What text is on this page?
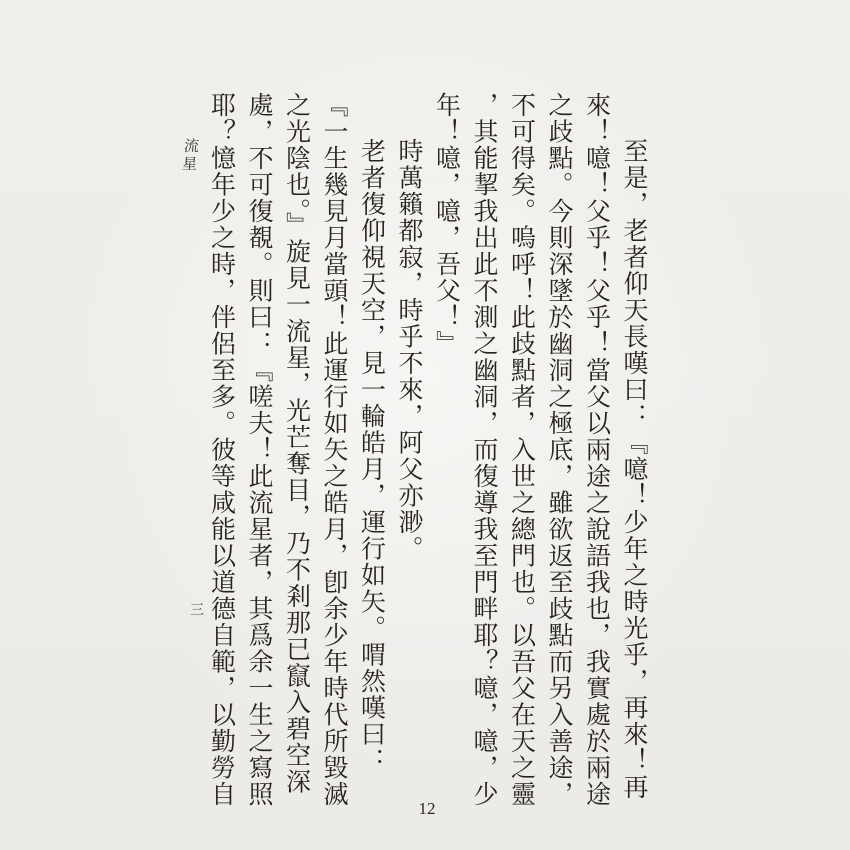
流星	至是，老者仰天長嘆曰：『噫！少年之時光乎，再來！再
來！噫！父乎！父乎！當父以兩途之說語我也，我實處於兩途
之歧點。今則深墜於幽洞之極底，雖欲返至歧點而另入善途，
不可得矣。嗚呼！此歧點者，入世之總門也。以吾父在天之靈
，其能挈我出此不測之幽洞，而復導我至門畔耶？噫，噫，少
年！噫，噫，吾父！』
時萬籟都寂，時乎不來，阿父亦渺。
老者復仰視天空，見一輪皓月，運行如矢。喟然嘆曰：
『一生幾見月當頭！此運行如矢之皓月，卽余少年時代所毀滅
之光陰也。』旋見一流星，光芒奪目，乃不剎那已竄入碧空深
處，不可復覩。則曰：『嗟夫！此流星者，其爲余一生之寫照
耶？憶年少之時，伴侶至多。彼等咸能以道德自範，以勤勞自
三
12
